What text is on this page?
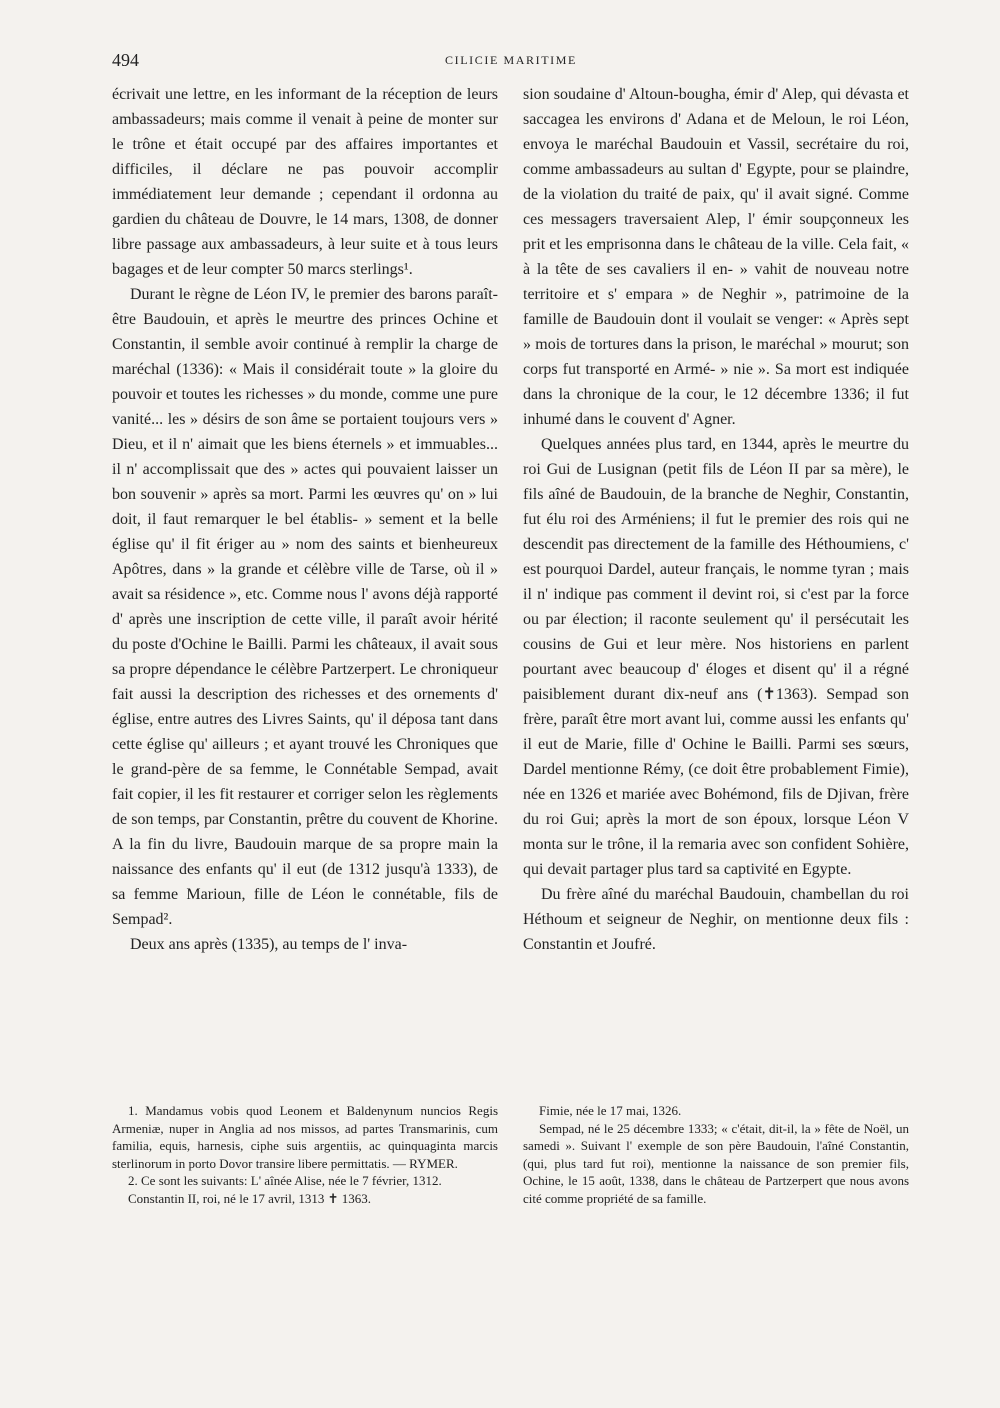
494	CILICIE MARITIME

écrivait une lettre, en les informant de la réception de leurs ambassadeurs; mais comme il venait à peine de monter sur le trône et était occupé par des affaires importantes et difficiles, il déclare ne pas pouvoir accomplir immédiatement leur demande ; cependant il ordonna au gardien du château de Douvre, le 14 mars, 1308, de donner libre passage aux ambassadeurs, à leur suite et à tous leurs bagages et de leur compter 50 marcs sterlings¹.

Durant le règne de Léon IV, le premier des barons paraît-être Baudouin, et après le meurtre des princes Ochine et Constantin, il semble avoir continué à remplir la charge de maréchal (1336): « Mais il considérait toute » la gloire du pouvoir et toutes les richesses » du monde, comme une pure vanité... les » désirs de son âme se portaient toujours vers » Dieu, et il n' aimait que les biens éternels » et immuables... il n' accomplissait que des » actes qui pouvaient laisser un bon souvenir » après sa mort. Parmi les œuvres qu' on » lui doit, il faut remarquer le bel établis- » sement et la belle église qu' il fit ériger au » nom des saints et bienheureux Apôtres, dans » la grande et célèbre ville de Tarse, où il » avait sa résidence », etc. Comme nous l' avons déjà rapporté d' après une inscription de cette ville, il paraît avoir hérité du poste d'Ochine le Bailli. Parmi les châteaux, il avait sous sa propre dépendance le célèbre Partzerpert. Le chroniqueur fait aussi la description des richesses et des ornements d' église, entre autres des Livres Saints, qu' il déposa tant dans cette église qu' ailleurs ; et ayant trouvé les Chroniques que le grand-père de sa femme, le Connétable Sempad, avait fait copier, il les fit restaurer et corriger selon les règlements de son temps, par Constantin, prêtre du couvent de Khorine. A la fin du livre, Baudouin marque de sa propre main la naissance des enfants qu' il eut (de 1312 jusqu'à 1333), de sa femme Marioun, fille de Léon le connétable, fils de Sempad².

Deux ans après (1335), au temps de l' inva-

sion soudaine d' Altoun-bougha, émir d' Alep, qui dévasta et saccagea les environs d' Adana et de Meloun, le roi Léon, envoya le maréchal Baudouin et Vassil, secrétaire du roi, comme ambassadeurs au sultan d' Egypte, pour se plaindre, de la violation du traité de paix, qu' il avait signé. Comme ces messagers traversaient Alep, l' émir soupçonneux les prit et les emprisonna dans le château de la ville. Cela fait, « à la tête de ses cavaliers il en- » vahit de nouveau notre territoire et s' empara » de Neghir », patrimoine de la famille de Baudouin dont il voulait se venger: « Après sept » mois de tortures dans la prison, le maréchal » mourut; son corps fut transporté en Armé- » nie ». Sa mort est indiquée dans la chronique de la cour, le 12 décembre 1336; il fut inhumé dans le couvent d' Agner.

Quelques années plus tard, en 1344, après le meurtre du roi Gui de Lusignan (petit fils de Léon II par sa mère), le fils aîné de Baudouin, de la branche de Neghir, Constantin, fut élu roi des Arméniens; il fut le premier des rois qui ne descendit pas directement de la famille des Héthoumiens, c' est pourquoi Dardel, auteur français, le nomme tyran ; mais il n' indique pas comment il devint roi, si c'est par la force ou par élection; il raconte seulement qu' il persécutait les cousins de Gui et leur mère. Nos historiens en parlent pourtant avec beaucoup d' éloges et disent qu' il a régné paisiblement durant dix-neuf ans (✝1363). Sempad son frère, paraît être mort avant lui, comme aussi les enfants qu' il eut de Marie, fille d' Ochine le Bailli. Parmi ses sœurs, Dardel mentionne Rémy, (ce doit être probablement Fimie), née en 1326 et mariée avec Bohémond, fils de Djivan, frère du roi Gui; après la mort de son époux, lorsque Léon V monta sur le trône, il la remaria avec son confident Sohière, qui devait partager plus tard sa captivité en Egypte.

Du frère aîné du maréchal Baudouin, chambellan du roi Héthoum et seigneur de Neghir, on mentionne deux fils : Constantin et Joufré.

1. Mandamus vobis quod Leonem et Baldenynum nuncios Regis Armeniæ, nuper in Anglia ad nos missos, ad partes Transmarinis, cum familia, equis, harnesis, ciphe suis argentiis, ac quinquaginta marcis sterlinorum in porto Dovor transire libere permittatis. — RYMER.

2. Ce sont les suivants: L' aînée Alise, née le 7 février, 1312.

Constantin II, roi, né le 17 avril, 1313 ✝ 1363.

Fimie, née le 17 mai, 1326.

Sempad, né le 25 décembre 1333; « c'était, dit-il, la » fête de Noël, un samedi ». Suivant l' exemple de son père Baudouin, l'aîné Constantin, (qui, plus tard fut roi), mentionne la naissance de son premier fils, Ochine, le 15 août, 1338, dans le château de Partzerpert que nous avons cité comme propriété de sa famille.
